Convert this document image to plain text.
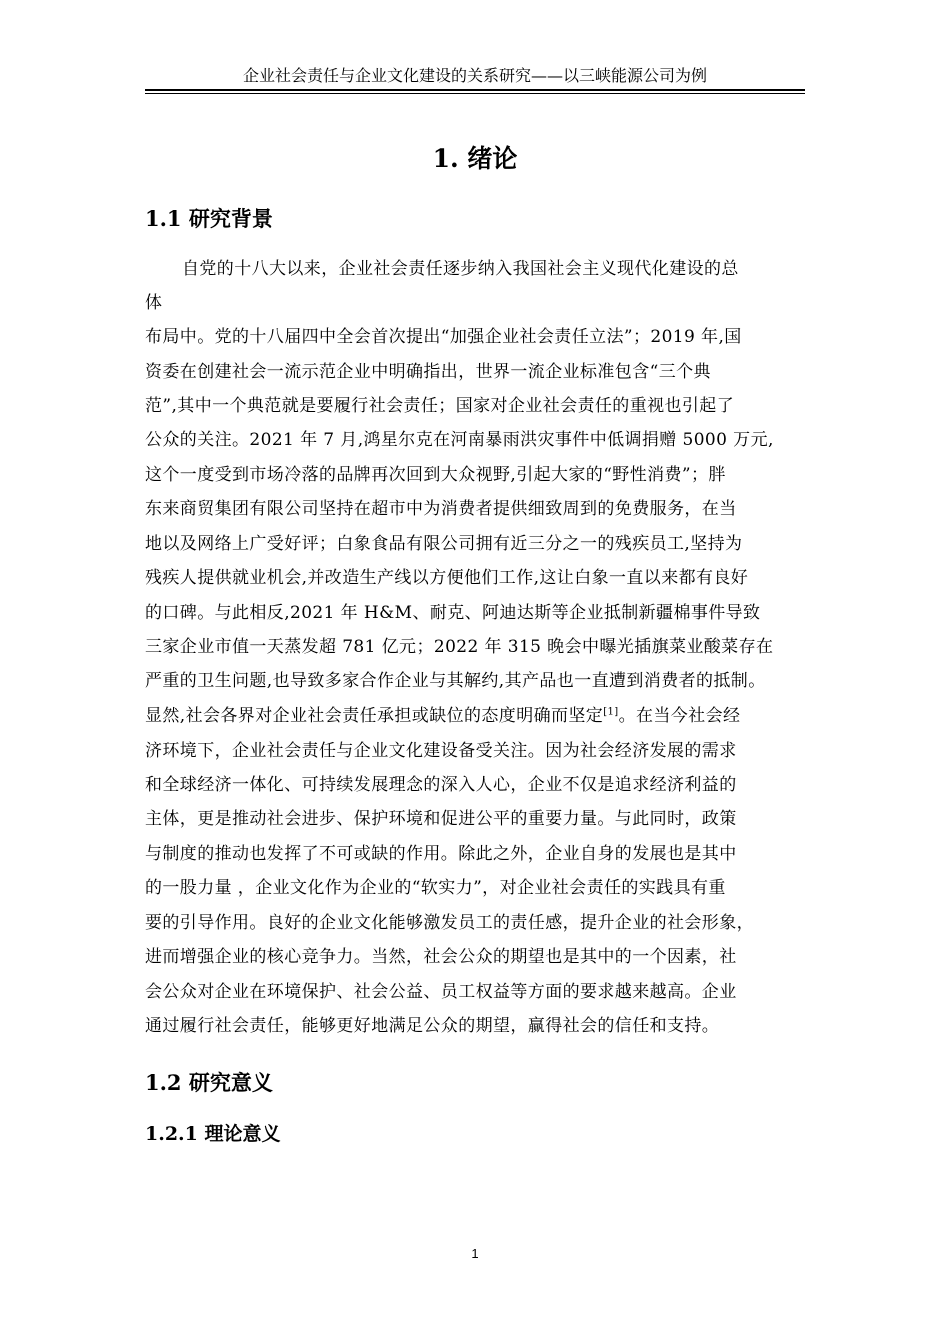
企业社会责任与企业文化建设的关系研究——以三峡能源公司为例
1. 绪论
1.1 研究背景
自党的十八大以来，企业社会责任逐步纳入我国社会主义现代化建设的总
体
布局中。党的十八届四中全会首次提出“加强企业社会责任立法”；2019 年,国
资委在创建社会一流示范企业中明确指出，世界一流企业标准包含“三个典
范”,其中一个典范就是要履行社会责任；国家对企业社会责任的重视也引起了
公众的关注。2021 年 7 月,鸿星尔克在河南暴雨洪灾事件中低调捐赠 5000 万元,
这个一度受到市场冷落的品牌再次回到大众视野,引起大家的“野性消费”；胖
东来商贸集团有限公司坚持在超市中为消费者提供细致周到的免费服务，在当
地以及网络上广受好评；白象食品有限公司拥有近三分之一的残疾员工,坚持为
残疾人提供就业机会,并改造生产线以方便他们工作,这让白象一直以来都有良好
的口碑。与此相反,2021 年 H&M、耐克、阿迪达斯等企业抵制新疆棉事件导致
三家企业市值一天蒸发超 781 亿元；2022 年 315 晚会中曝光插旗菜业酸菜存在
严重的卫生问题,也导致多家合作企业与其解约,其产品也一直遭到消费者的抵制。
显然,社会各界对企业社会责任承担或缺位的态度明确而坚定[1]。在当今社会经
济环境下，企业社会责任与企业文化建设备受关注。因为社会经济发展的需求
和全球经济一体化、可持续发展理念的深入人心，企业不仅是追求经济利益的
主体，更是推动社会进步、保护环境和促进公平的重要力量。与此同时，政策
与制度的推动也发挥了不可或缺的作用。除此之外，企业自身的发展也是其中
的一股力量 ，企业文化作为企业的“软实力”，对企业社会责任的实践具有重
要的引导作用。良好的企业文化能够激发员工的责任感，提升企业的社会形象，
进而增强企业的核心竞争力。当然，社会公众的期望也是其中的一个因素，社
会公众对企业在环境保护、社会公益、员工权益等方面的要求越来越高。企业
通过履行社会责任，能够更好地满足公众的期望，赢得社会的信任和支持。
1.2 研究意义
1.2.1 理论意义
1
